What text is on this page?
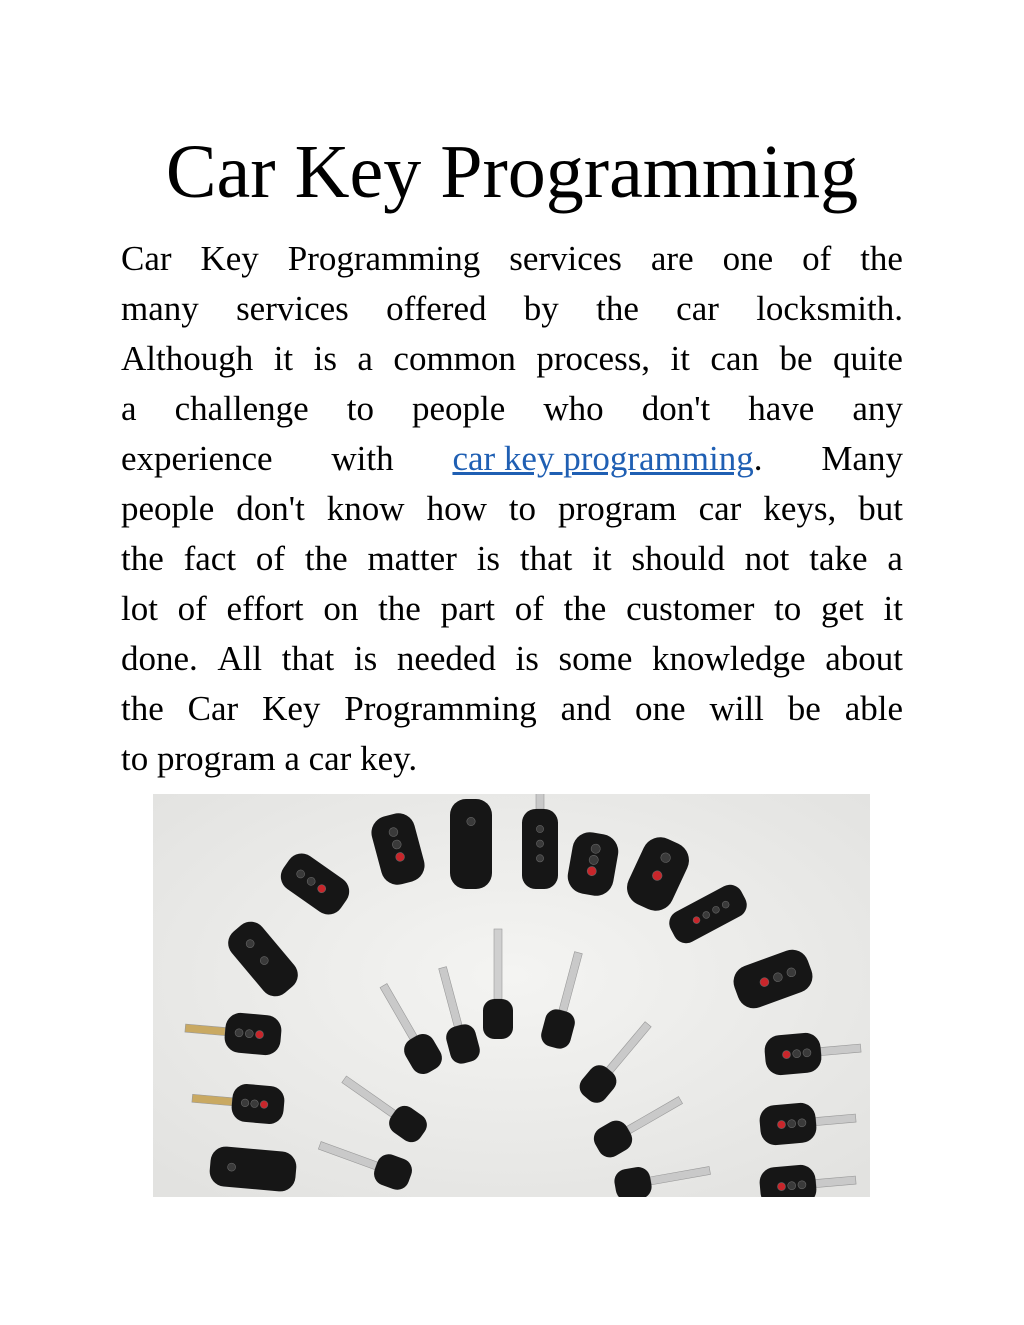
Car Key Programming
Car Key Programming services are one of the
many services offered by the car locksmith.
Although it is a common process, it can be quite
a challenge to people who don't have any
experience with car key programming. Many
people don't know how to program car keys, but
the fact of the matter is that it should not take a
lot of effort on the part of the customer to get it
done. All that is needed is some knowledge about
the Car Key Programming and one will be able
to program a car key.
